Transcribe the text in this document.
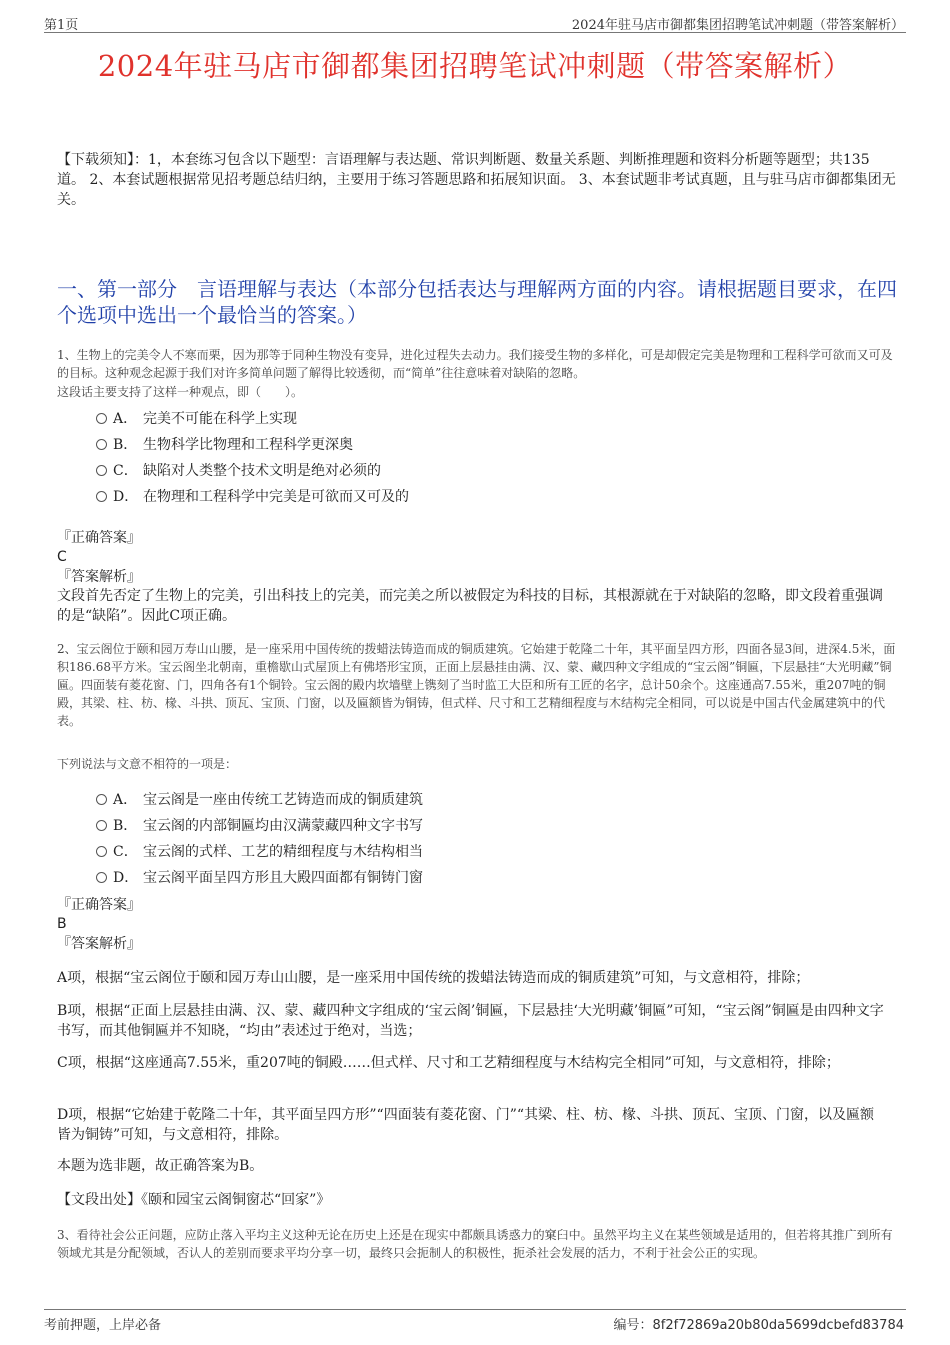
第1页	2024年驻马店市御都集团招聘笔试冲刺题（带答案解析）
2024年驻马店市御都集团招聘笔试冲刺题（带答案解析）
【下载须知】：1，本套练习包含以下题型：言语理解与表达题、常识判断题、数量关系题、判断推理题和资料分析题等题型；共135道。 2、本套试题根据常见招考题总结归纳，主要用于练习答题思路和拓展知识面。 3、本套试题非考试真题，且与驻马店市御都集团无关。
一、第一部分　言语理解与表达（本部分包括表达与理解两方面的内容。请根据题目要求，在四个选项中选出一个最恰当的答案。）
1、生物上的完美令人不寒而栗，因为那等于同种生物没有变异，进化过程失去动力。我们接受生物的多样化，可是却假定完美是物理和工程科学可欲而又可及的目标。这种观念起源于我们对许多简单问题了解得比较透彻，而“简单”往往意味着对缺陷的忽略。
这段话主要支持了这样一种观点，即（　　）。
A． 完美不可能在科学上实现
B． 生物科学比物理和工程科学更深奥
C． 缺陷对人类整个技术文明是绝对必须的
D． 在物理和工程科学中完美是可欲而又可及的
『正确答案』
C
『答案解析』
文段首先否定了生物上的完美，引出科技上的完美，而完美之所以被假定为科技的目标，其根源就在于对缺陷的忽略，即文段着重强调的是“缺陷”。因此C项正确。
2、宝云阁位于颐和园万寿山山腰，是一座采用中国传统的拨蜡法铸造而成的铜质建筑。它始建于乾隆二十年，其平面呈四方形，四面各显3间，进深4.5米，面积186.68平方米。宝云阁坐北朝南，重檐歇山式屋顶上有佛塔形宝顶，正面上层悬挂由满、汉、蒙、藏四种文字组成的“宝云阁”铜匾，下层悬挂“大光明藏”铜匾。四面装有菱花窗、门，四角各有1个铜铃。宝云阁的殿内坎墙壁上镌刻了当时监工大臣和所有工匠的名字，总计50余个。这座通高7.55米，重207吨的铜殿，其梁、柱、枋、椽、斗拱、顶瓦、宝顶、门窗，以及匾额皆为铜铸，但式样、尺寸和工艺精细程度与木结构完全相同，可以说是中国古代金属建筑中的代表。
下列说法与文意不相符的一项是：
A． 宝云阁是一座由传统工艺铸造而成的铜质建筑
B． 宝云阁的内部铜匾均由汉满蒙藏四种文字书写
C． 宝云阁的式样、工艺的精细程度与木结构相当
D． 宝云阁平面呈四方形且大殿四面都有铜铸门窗
『正确答案』
B
『答案解析』
A项，根据“宝云阁位于颐和园万寿山山腰，是一座采用中国传统的拨蜡法铸造而成的铜质建筑”可知，与文意相符，排除；
B项，根据“正面上层悬挂由满、汉、蒙、藏四种文字组成的‘宝云阁’铜匾，下层悬挂‘大光明藏’铜匾”可知，“宝云阁”铜匾是由四种文字书写，而其他铜匾并不知晓，“均由”表述过于绝对，当选；
C项，根据“这座通高7.55米，重207吨的铜殿……但式样、尺寸和工艺精细程度与木结构完全相同”可知，与文意相符，排除；
D项，根据“它始建于乾隆二十年，其平面呈四方形”“四面装有菱花窗、门”“其梁、柱、枋、椽、斗拱、顶瓦、宝顶、门窗，以及匾额皆为铜铸”可知，与文意相符，排除。
本题为选非题，故正确答案为B。
【文段出处】《颐和园宝云阁铜窗芯“回家”》
3、看待社会公正问题，应防止落入平均主义这种无论在历史上还是在现实中都颇具诱惑力的窠臼中。虽然平均主义在某些领域是适用的，但若将其推广到所有领域尤其是分配领域，否认人的差别而要求平均分享一切，最终只会扼制人的积极性，扼杀社会发展的活力，不利于社会公正的实现。
考前押题，上岸必备	编号：8f2f72869a20b80da5699dcbefd83784
